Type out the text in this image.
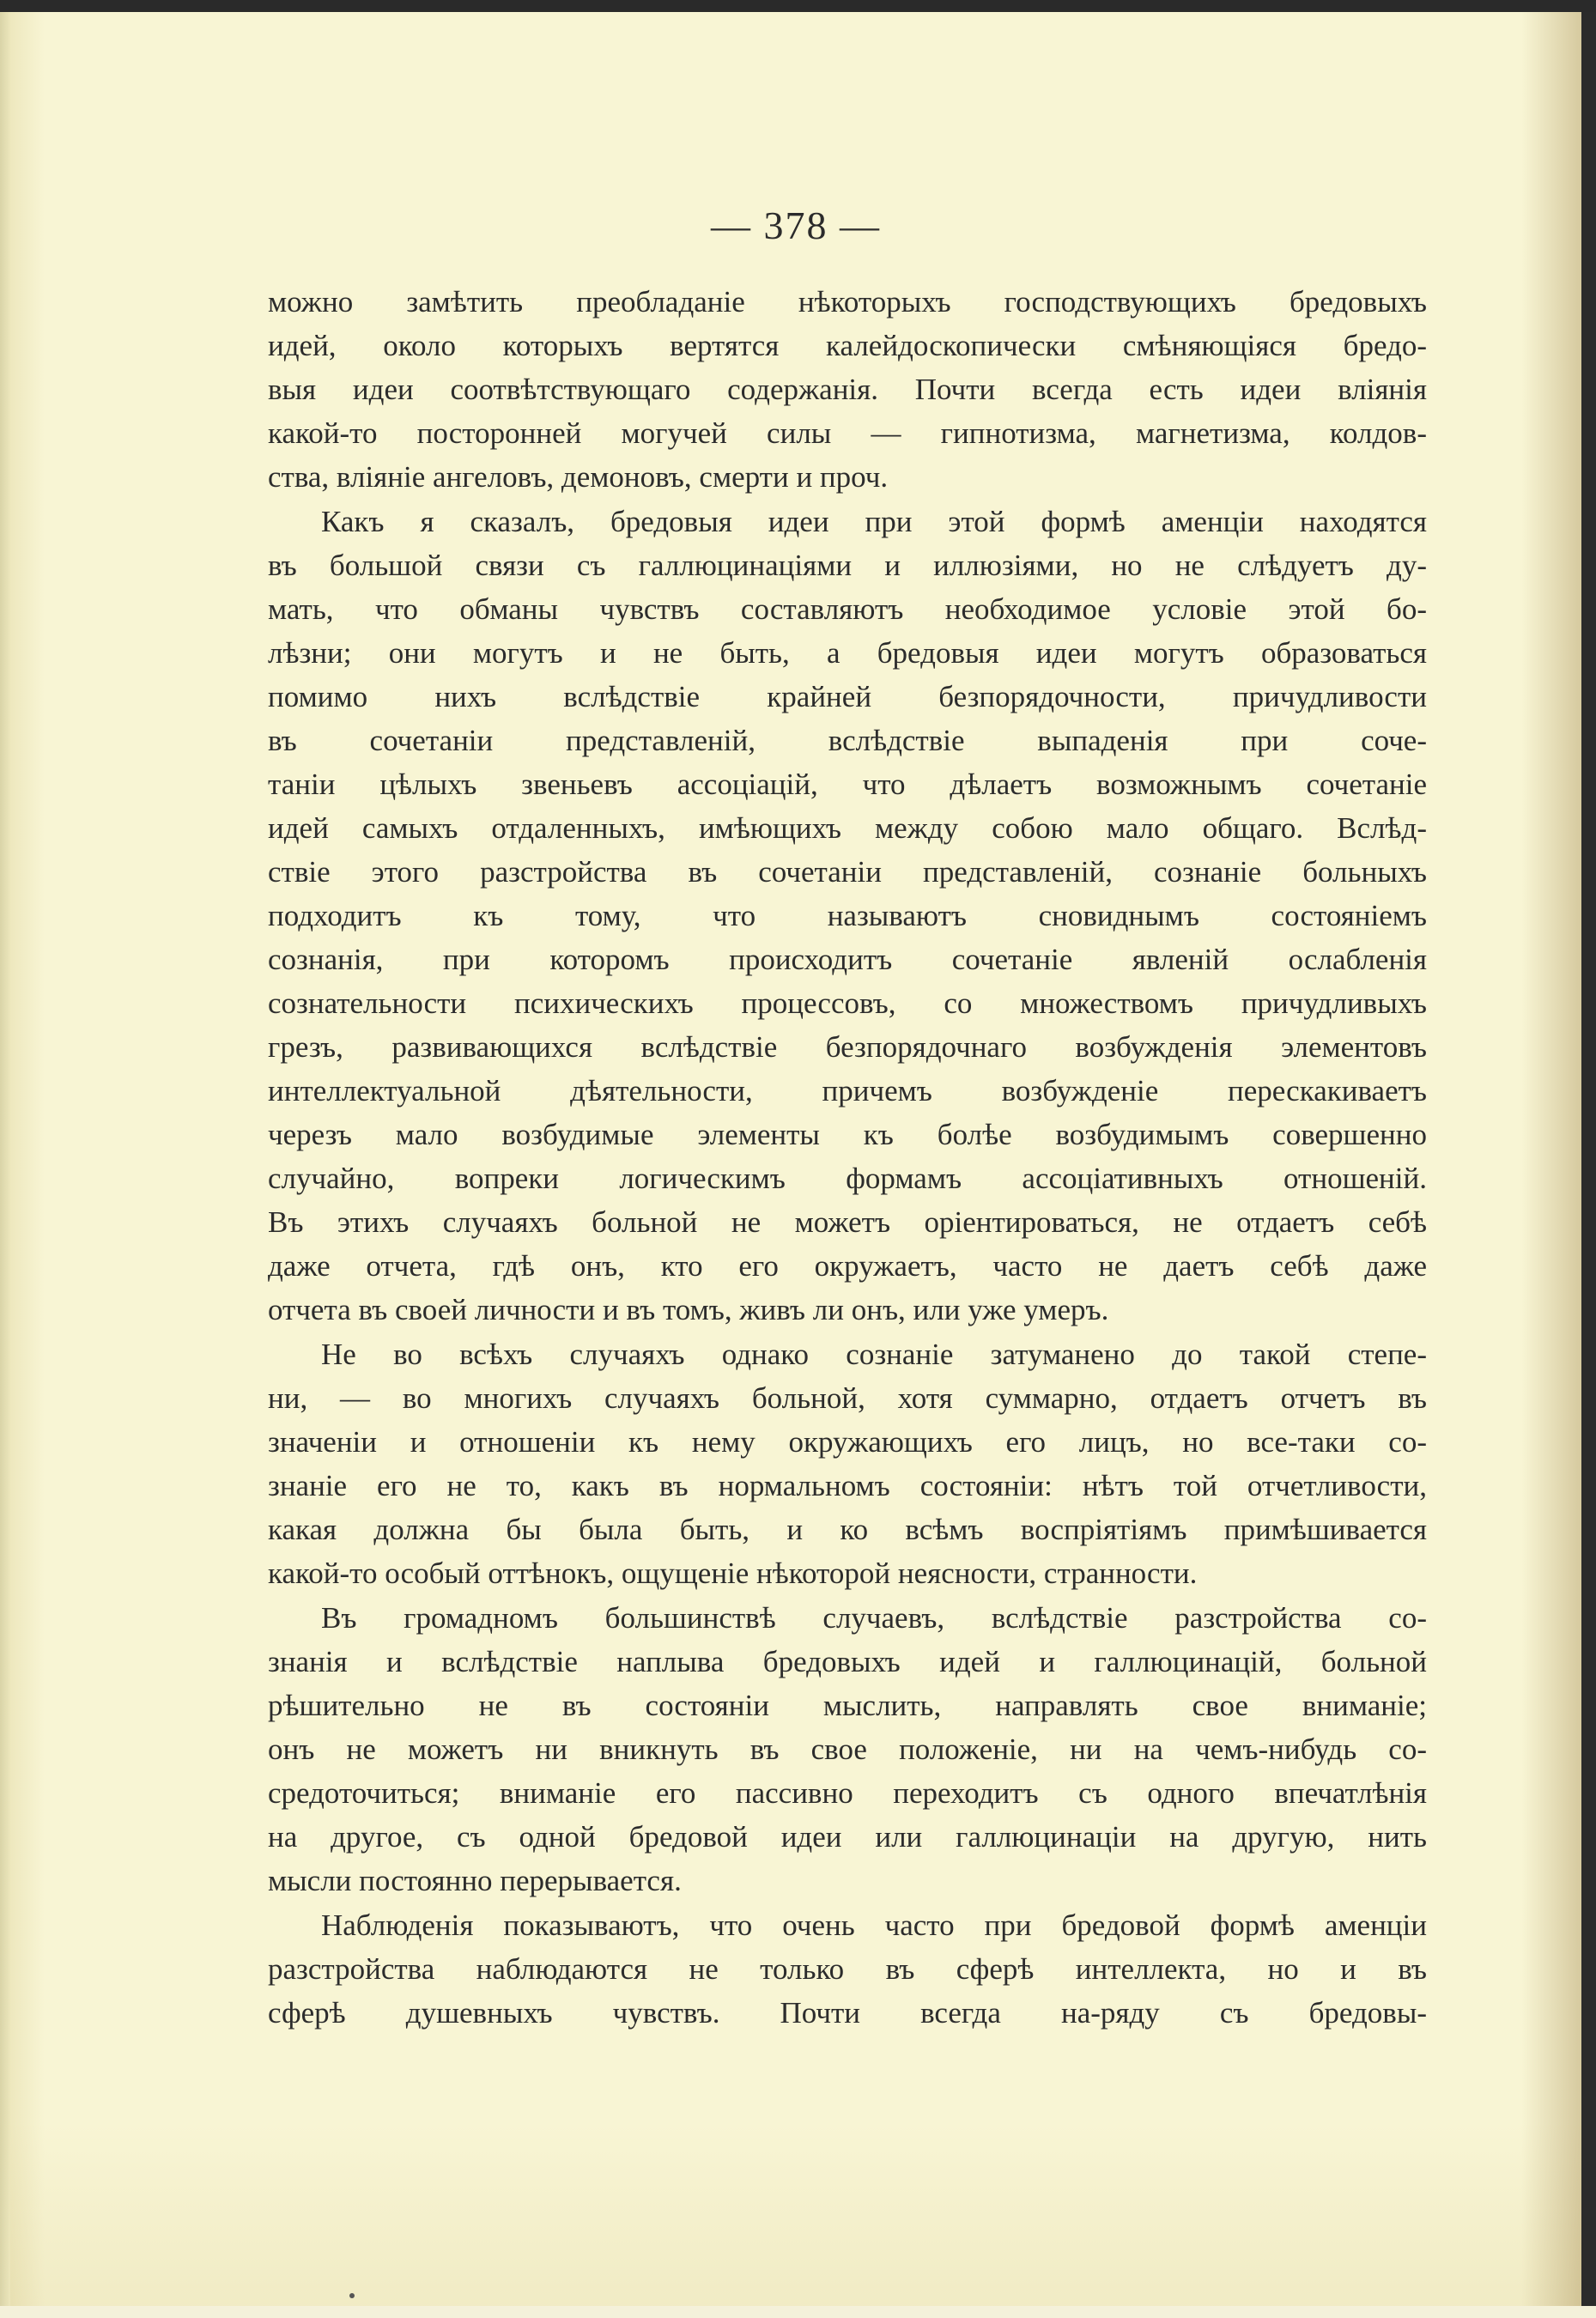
— 378 —
можно замѣтить преобладаніе нѣкоторыхъ господствующихъ бредовыхъ
идей, около которыхъ вертятся калейдоскопически смѣняющіяся бредо-
выя идеи соотвѣтствующаго содержанія. Почти всегда есть идеи вліянія
какой-то посторонней могучей силы — гипнотизма, магнетизма, колдов-
ства, вліяніе ангеловъ, демоновъ, смерти и проч.
Какъ я сказалъ, бредовыя идеи при этой формѣ аменціи находятся
въ большой связи съ галлюцинаціями и иллюзіями, но не слѣдуетъ ду-
мать, что обманы чувствъ составляютъ необходимое условіе этой бо-
лѣзни; они могутъ и не быть, а бредовыя идеи могутъ образоваться
помимо нихъ вслѣдствіе крайней безпорядочности, причудливости
въ сочетаніи представленій, вслѣдствіе выпаденія при соче-
таніи цѣлыхъ звеньевъ ассоціацій, что дѣлаетъ возможнымъ сочетаніе
идей самыхъ отдаленныхъ, имѣющихъ между собою мало общаго. Вслѣд-
ствіе этого разстройства въ сочетаніи представленій, сознаніе больныхъ
подходитъ къ тому, что называютъ сновиднымъ состояніемъ
сознанія, при которомъ происходитъ сочетаніе явленій ослабленія
сознательности психическихъ процессовъ, со множествомъ причудливыхъ
грезъ, развивающихся вслѣдствіе безпорядочнаго возбужденія элементовъ
интеллектуальной дѣятельности, причемъ возбужденіе перескакиваетъ
черезъ мало возбудимые элементы къ болѣе возбудимымъ совершенно
случайно, вопреки логическимъ формамъ ассоціативныхъ отношеній.
Въ этихъ случаяхъ больной не можетъ оріентироваться, не отдаетъ себѣ
даже отчета, гдѣ онъ, кто его окружаетъ, часто не даетъ себѣ даже
отчета въ своей личности и въ томъ, живъ ли онъ, или уже умеръ.
Не во всѣхъ случаяхъ однако сознаніе затуманено до такой степе-
ни, — во многихъ случаяхъ больной, хотя суммарно, отдаетъ отчетъ въ
значеніи и отношеніи къ нему окружающихъ его лицъ, но все-таки со-
знаніе его не то, какъ въ нормальномъ состояніи: нѣтъ той отчетливости,
какая должна бы была быть, и ко всѣмъ воспріятіямъ примѣшивается
какой-то особый оттѣнокъ, ощущеніе нѣкоторой неясности, странности.
Въ громадномъ большинствѣ случаевъ, вслѣдствіе разстройства со-
знанія и вслѣдствіе наплыва бредовыхъ идей и галлюцинацій, больной
рѣшительно не въ состояніи мыслить, направлять свое вниманіе;
онъ не можетъ ни вникнуть въ свое положеніе, ни на чемъ-нибудь со-
средоточиться; вниманіе его пассивно переходитъ съ одного впечатлѣнія
на другое, съ одной бредовой идеи или галлюцинаціи на другую, нить
мысли постоянно перерывается.
Наблюденія показываютъ, что очень часто при бредовой формѣ аменціи
разстройства наблюдаются не только въ сферѣ интеллекта, но и въ
сферѣ душевныхъ чувствъ. Почти всегда на-ряду съ бредовы-
